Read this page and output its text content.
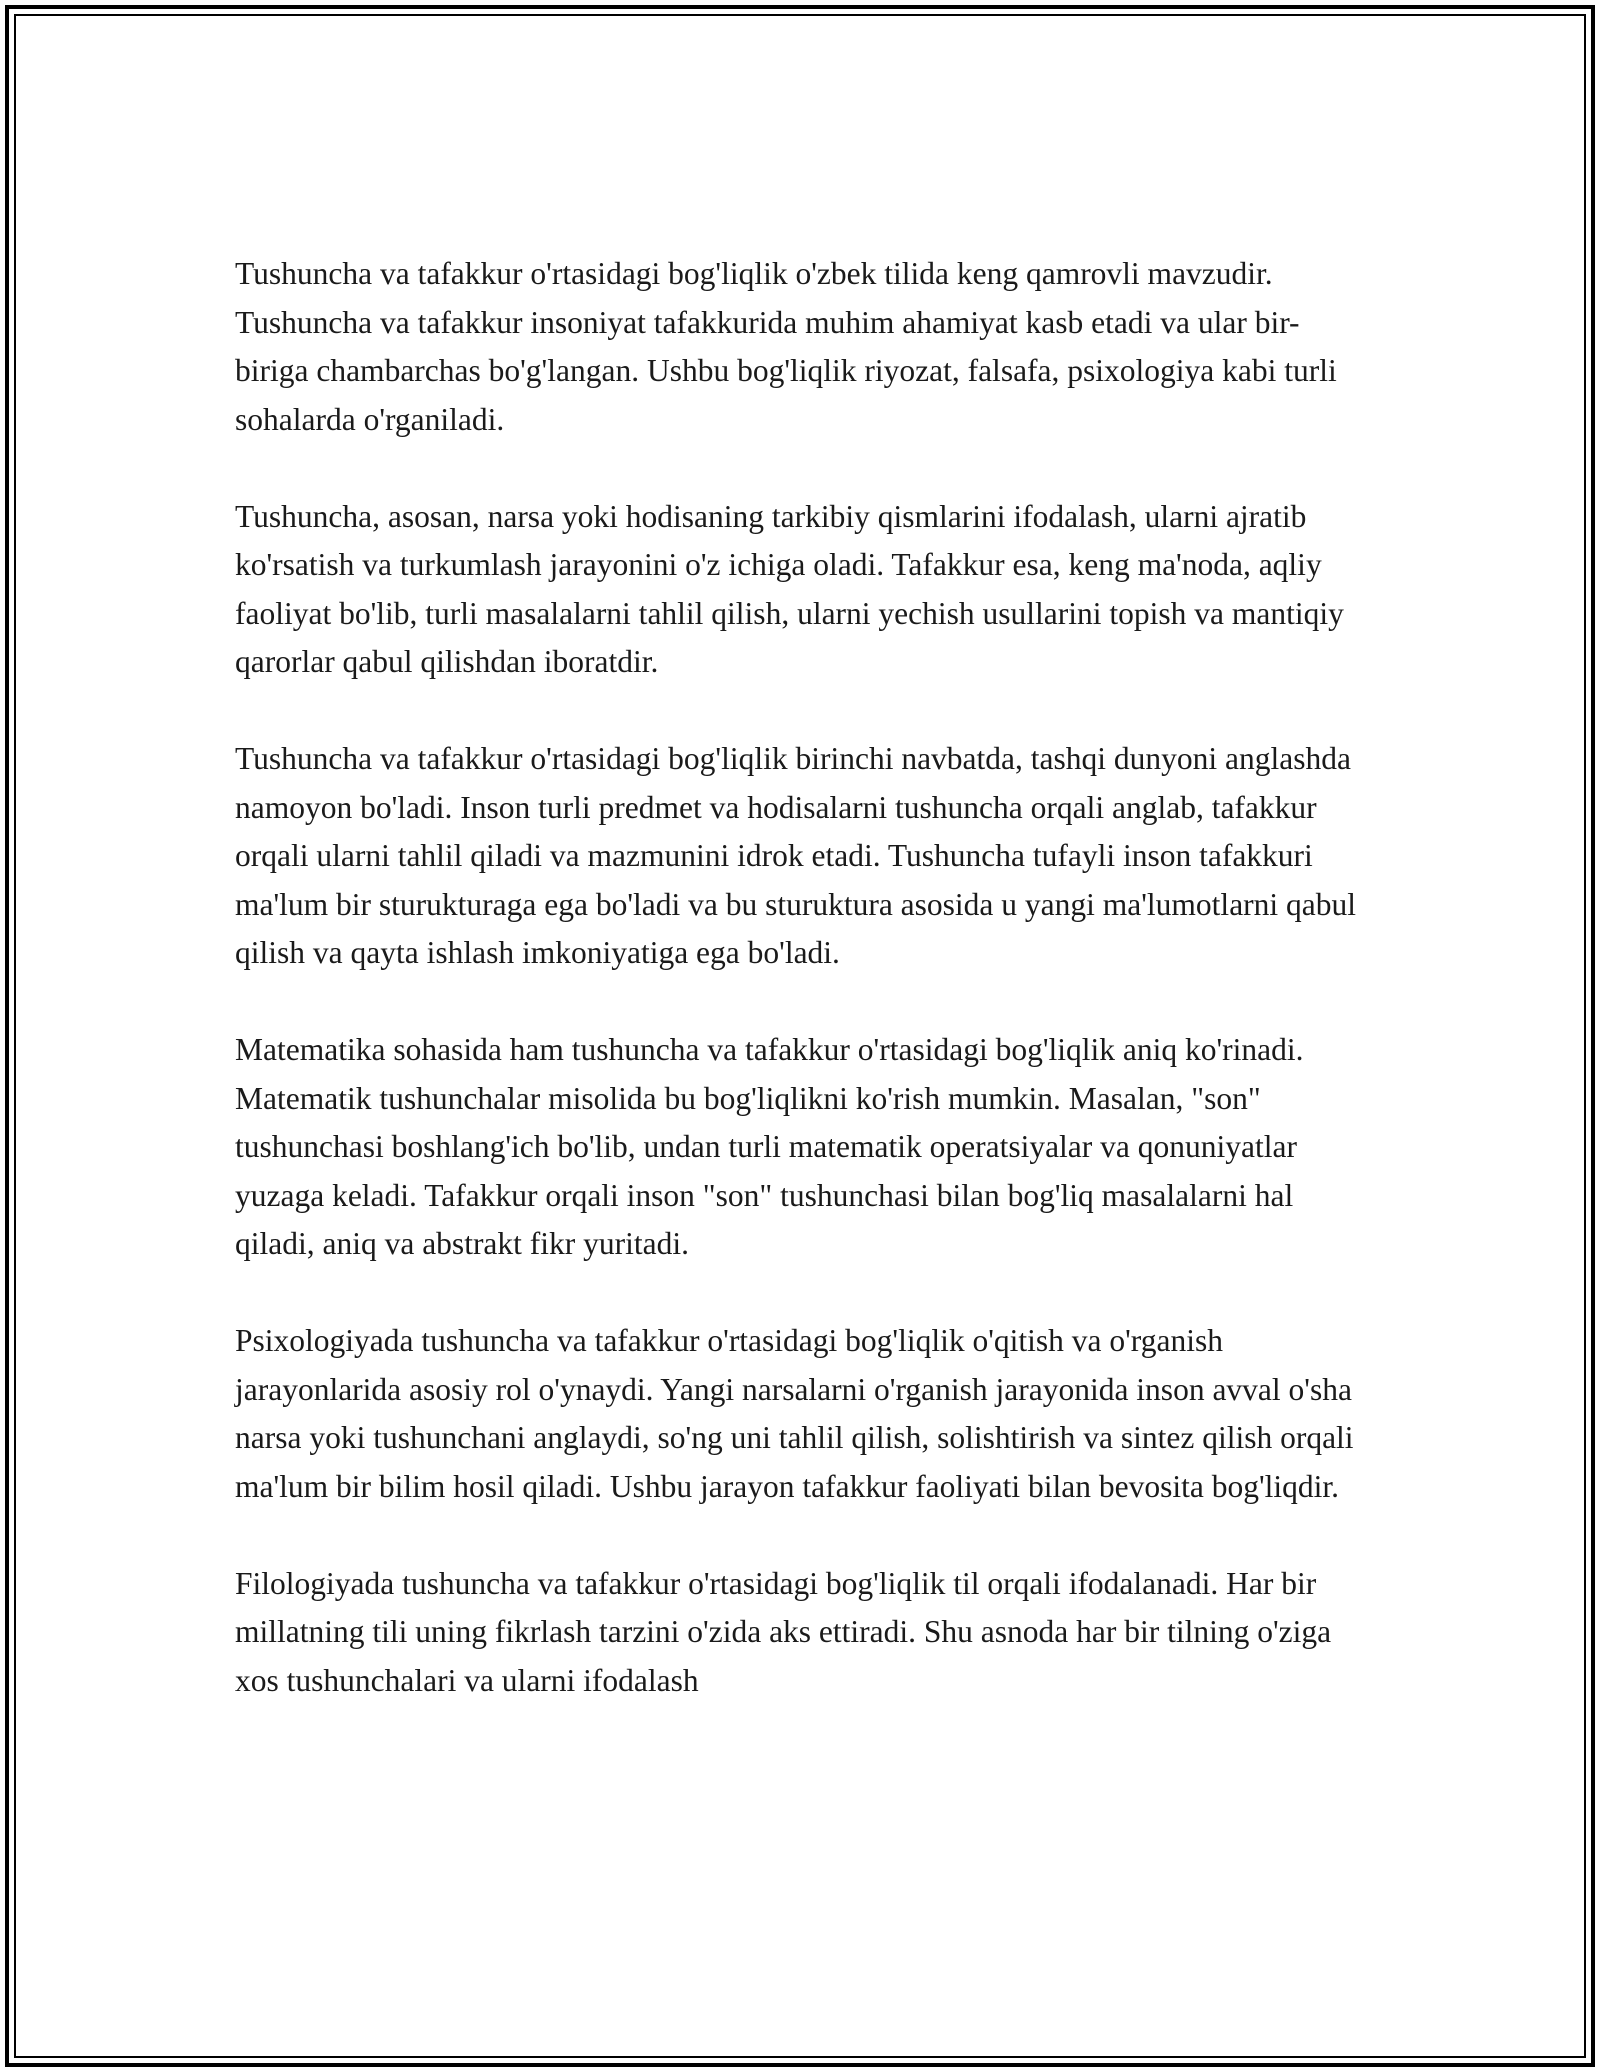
Tushuncha va tafakkur o'rtasidagi bog'liqlik o'zbek tilida keng qamrovli mavzudir. Tushuncha va tafakkur insoniyat tafakkurida muhim ahamiyat kasb etadi va ular bir-biriga chambarchas bo'g'langan. Ushbu bog'liqlik riyozat, falsafa, psixologiya kabi turli sohalarda o'rganiladi.

Tushuncha, asosan, narsa yoki hodisaning tarkibiy qismlarini ifodalash, ularni ajratib ko'rsatish va turkumlash jarayonini o'z ichiga oladi. Tafakkur esa, keng ma'noda, aqliy faoliyat bo'lib, turli masalalarni tahlil qilish, ularni yechish usullarini topish va mantiqiy qarorlar qabul qilishdan iboratdir.

Tushuncha va tafakkur o'rtasidagi bog'liqlik birinchi navbatda, tashqi dunyoni anglashda namoyon bo'ladi. Inson turli predmet va hodisalarni tushuncha orqali anglab, tafakkur orqali ularni tahlil qiladi va mazmunini idrok etadi. Tushuncha tufayli inson tafakkuri ma'lum bir sturukturaga ega bo'ladi va bu sturuktura asosida u yangi ma'lumotlarni qabul qilish va qayta ishlash imkoniyatiga ega bo'ladi.

Matematika sohasida ham tushuncha va tafakkur o'rtasidagi bog'liqlik aniq ko'rinadi. Matematik tushunchalar misolida bu bog'liqlikni ko'rish mumkin. Masalan, "son" tushunchasi boshlang'ich bo'lib, undan turli matematik operatsiyalar va qonuniyatlar yuzaga keladi. Tafakkur orqali inson "son" tushunchasi bilan bog'liq masalalarni hal qiladi, aniq va abstrakt fikr yuritadi.

Psixologiyada tushuncha va tafakkur o'rtasidagi bog'liqlik o'qitish va o'rganish jarayonlarida asosiy rol o'ynaydi. Yangi narsalarni o'rganish jarayonida inson avval o'sha narsa yoki tushunchani anglaydi, so'ng uni tahlil qilish, solishtirish va sintez qilish orqali ma'lum bir bilim hosil qiladi. Ushbu jarayon tafakkur faoliyati bilan bevosita bog'liqdir.

Filologiyada tushuncha va tafakkur o'rtasidagi bog'liqlik til orqali ifodalanadi. Har bir millatning tili uning fikrlash tarzini o'zida aks ettiradi. Shu asnoda har bir tilning o'ziga xos tushunchalari va ularni ifodalash
